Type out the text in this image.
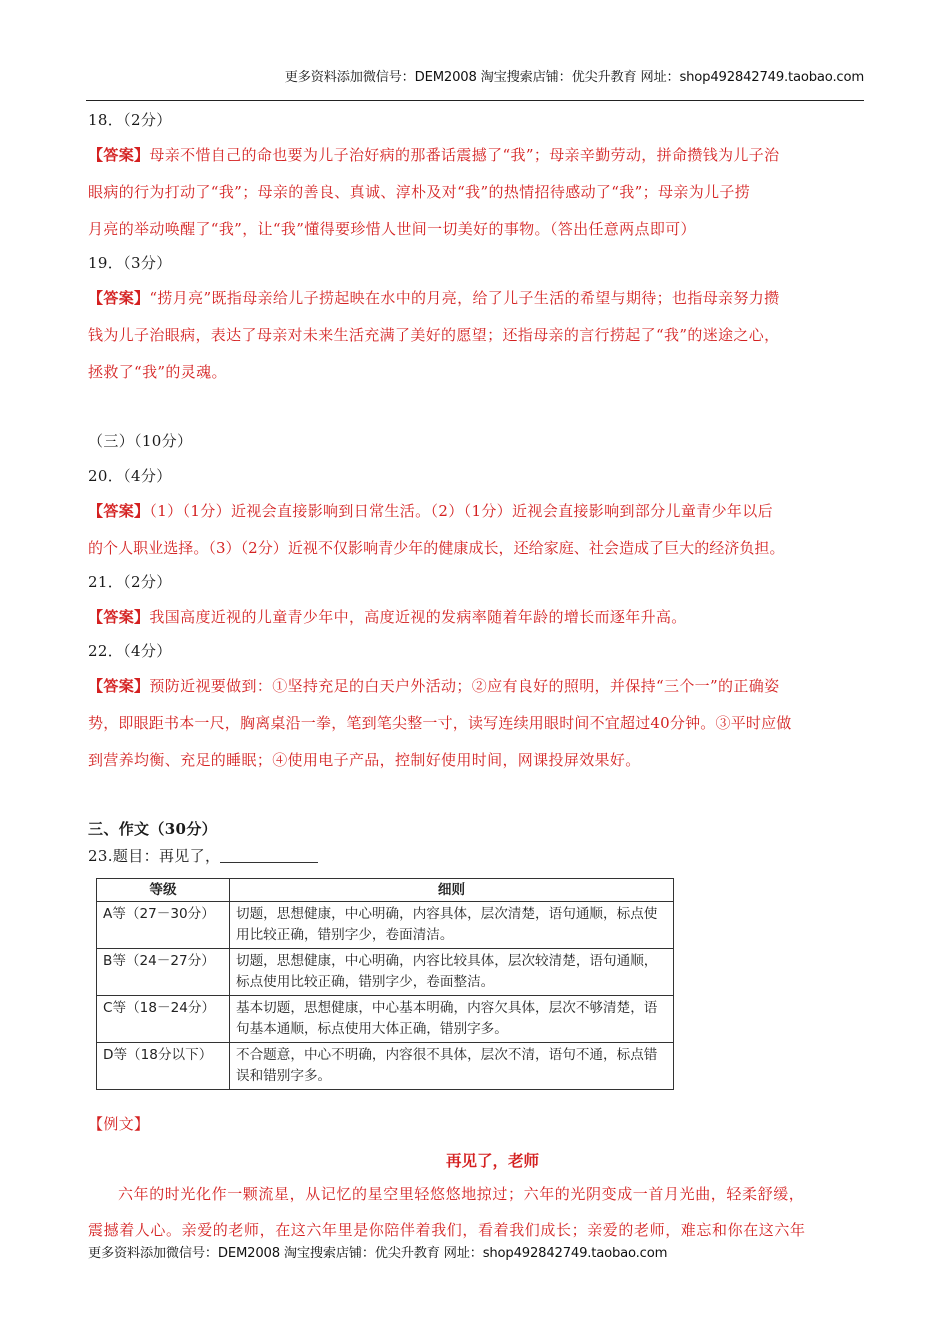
更多资料添加微信号：DEM2008 淘宝搜索店铺：优尖升教育 网址：shop492842749.taobao.com
18．（2分）
【答案】母亲不惜自己的命也要为儿子治好病的那番话震撼了“我”；母亲辛勤劳动，拼命攒钱为儿子治
眼病的行为打动了“我”；母亲的善良、真诚、淳朴及对“我”的热情招待感动了“我”；母亲为儿子捞
月亮的举动唤醒了“我”，让“我”懂得要珍惜人世间一切美好的事物。（答出任意两点即可）
19．（3分）
【答案】“捞月亮”既指母亲给儿子捞起映在水中的月亮，给了儿子生活的希望与期待；也指母亲努力攒
钱为儿子治眼病，表达了母亲对未来生活充满了美好的愿望；还指母亲的言行捞起了“我”的迷途之心，
拯救了“我”的灵魂。
（三）（10分）
20．（4分）
【答案】（1）（1分）近视会直接影响到日常生活。（2）（1分）近视会直接影响到部分儿童青少年以后
的个人职业选择。（3）（2分）近视不仅影响青少年的健康成长，还给家庭、社会造成了巨大的经济负担。
21．（2分）
【答案】我国高度近视的儿童青少年中，高度近视的发病率随着年龄的增长而逐年升高。
22．（4分）
【答案】预防近视要做到：①坚持充足的白天户外活动；②应有良好的照明，并保持“三个一”的正确姿
势，即眼距书本一尺，胸离桌沿一拳，笔到笔尖整一寸，读写连续用眼时间不宜超过40分钟。③平时应做
到营养均衡、充足的睡眠；④使用电子产品，控制好使用时间，网课投屏效果好。
三、作文（30分）
23.题目：再见了，
等级	细则
A等（27－30分）	切题，思想健康，中心明确，内容具体，层次清楚，语句通顺，标点使用比较正确，错别字少，卷面清洁。
B等（24－27分）	切题，思想健康，中心明确，内容比较具体，层次较清楚，语句通顺，标点使用比较正确，错别字少，卷面整洁。
C等（18－24分）	基本切题，思想健康，中心基本明确，内容欠具体，层次不够清楚，语句基本通顺，标点使用大体正确，错别字多。
D等（18分以下）	不合题意，中心不明确，内容很不具体，层次不清，语句不通，标点错误和错别字多。
【例文】
再见了，老师
六年的时光化作一颗流星，从记忆的星空里轻悠悠地掠过；六年的光阴变成一首月光曲，轻柔舒缓，
震撼着人心。亲爱的老师，在这六年里是你陪伴着我们，看着我们成长；亲爱的老师，难忘和你在这六年
更多资料添加微信号：DEM2008 淘宝搜索店铺：优尖升教育 网址：shop492842749.taobao.com
